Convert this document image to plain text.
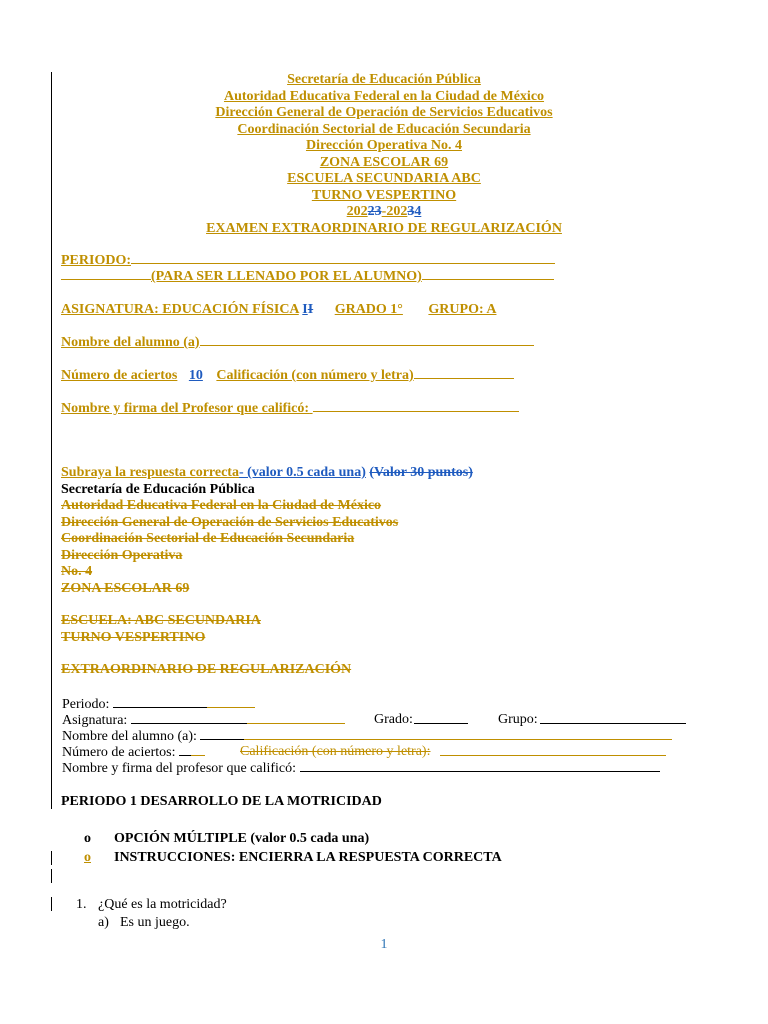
Secretaría de Educación Pública
Autoridad Educativa Federal en la Ciudad de México
Dirección General de Operación de Servicios Educativos
Coordinación Sectorial de Educación Secundaria
Dirección Operativa No. 4
ZONA ESCOLAR 69
ESCUELA SECUNDARIA ABC
TURNO VESPERTINO
20223-20234
EXAMEN EXTRAORDINARIO DE REGULARIZACIÓN
PERIODO:
(PARA SER LLENADO POR EL ALUMNO)
ASIGNATURA: EDUCACIÓN FÍSICA II GRADO 1° GRUPO: A
Nombre del alumno (a)
Número de aciertos 10 Calificación (con número y letra)
Nombre y firma del Profesor que calificó:
Subraya la respuesta correcta- (valor 0.5 cada una) (Valor 30 puntos)
Secretaría de Educación Pública
Autoridad Educativa Federal en la Ciudad de México
Dirección General de Operación de Servicios Educativos
Coordinación Sectorial de Educación Secundaria
Dirección Operativa
No. 4
ZONA ESCOLAR 69
ESCUELA: ABC SECUNDARIA
TURNO VESPERTINO
EXTRAORDINARIO DE REGULARIZACIÓN
Periodo:
Asignatura:	Grado:	Grupo:
Nombre del alumno (a):
Número de aciertos:	Calificación (con número y letra):
Nombre y firma del profesor que calificó:
PERIODO 1 DESARROLLO DE LA MOTRICIDAD
o OPCIÓN MÚLTIPLE (valor 0.5 cada una)
o INSTRUCCIONES: ENCIERRA LA RESPUESTA CORRECTA
1. ¿Qué es la motricidad?
a) Es un juego.
1
